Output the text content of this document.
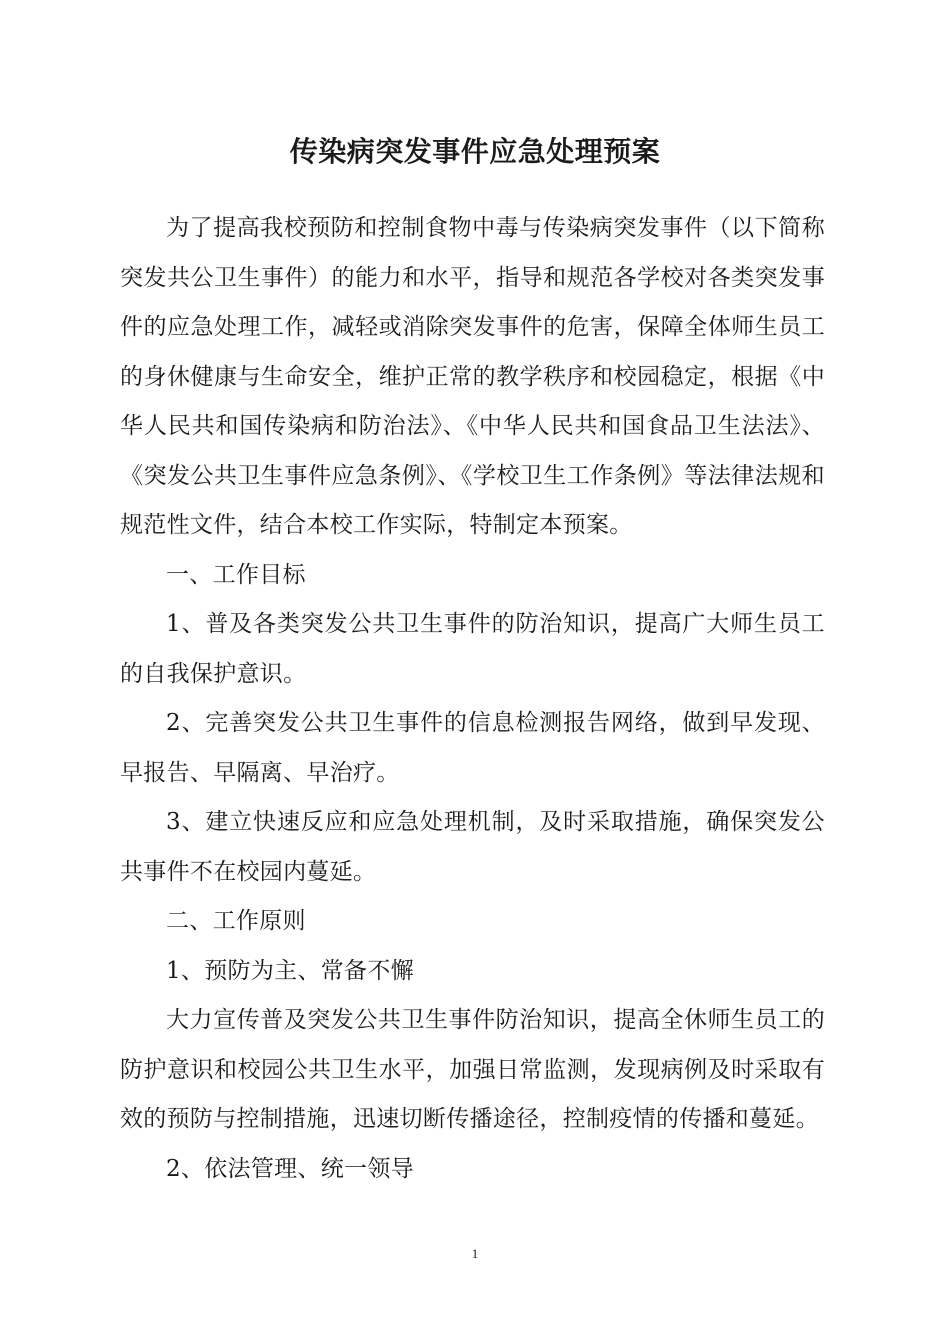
传染病突发事件应急处理预案

为了提高我校预防和控制食物中毒与传染病突发事件（以下简称突发共公卫生事件）的能力和水平，指导和规范各学校对各类突发事件的应急处理工作，减轻或消除突发事件的危害，保障全体师生员工的身休健康与生命安全，维护正常的教学秩序和校园稳定，根据《中华人民共和国传染病和防治法》、《中华人民共和国食品卫生法法》、《突发公共卫生事件应急条例》、《学校卫生工作条例》等法律法规和规范性文件，结合本校工作实际，特制定本预案。

一、工作目标

1、普及各类突发公共卫生事件的防治知识，提高广大师生员工的自我保护意识。

2、完善突发公共卫生事件的信息检测报告网络，做到早发现、早报告、早隔离、早治疗。

3、建立快速反应和应急处理机制，及时采取措施，确保突发公共事件不在校园内蔓延。

二、工作原则

1、预防为主、常备不懈

大力宣传普及突发公共卫生事件防治知识，提高全休师生员工的防护意识和校园公共卫生水平，加强日常监测，发现病例及时采取有效的预防与控制措施，迅速切断传播途径，控制疫情的传播和蔓延。

2、依法管理、统一领导

1
